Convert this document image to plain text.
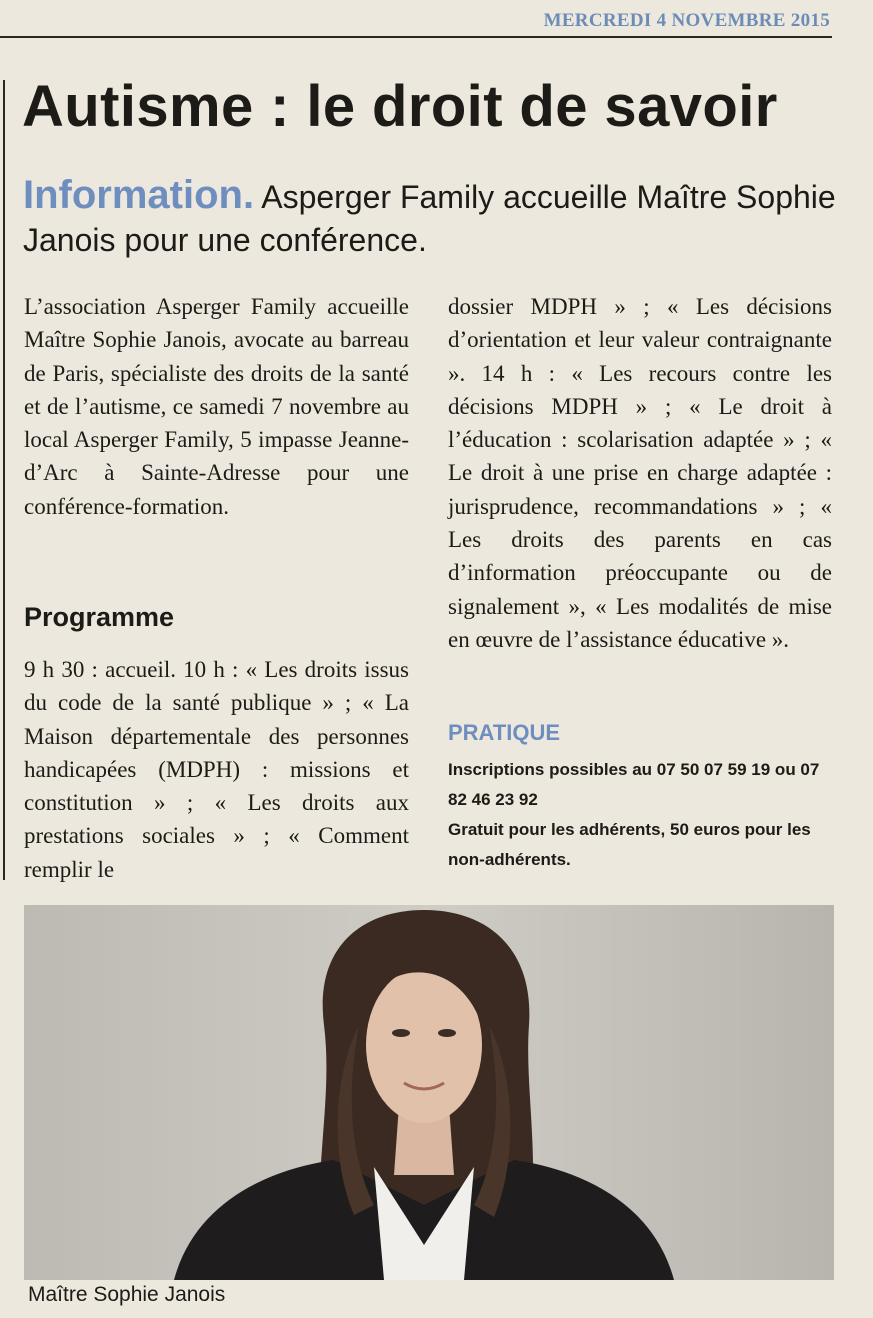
MERCREDI 4 NOVEMBRE 2015
Autisme : le droit de savoir

Information. Asperger Family accueille Maître Sophie Janois pour une conférence.

L’association Asperger Family accueille Maître Sophie Janois, avocate au barreau de Paris, spécialiste des droits de la santé et de l’autisme, ce samedi 7 novembre au local Asperger Family, 5 impasse Jeanne-d’Arc à Sainte-Adresse pour une conférence-formation.

Programme

9 h 30 : accueil. 10 h : « Les droits issus du code de la santé publique » ; « La Maison départementale des personnes handicapées (MDPH) : missions et constitution » ; « Les droits aux prestations sociales » ; « Comment remplir le

dossier MDPH » ; « Les décisions d’orientation et leur valeur contraignante ». 14 h : « Les recours contre les décisions MDPH » ; « Le droit à l’éducation : scolarisation adaptée » ; « Le droit à une prise en charge adaptée : jurisprudence, recommandations » ; « Les droits des parents en cas d’information préoccupante ou de signalement », « Les modalités de mise en œuvre de l’assistance éducative ».

PRATIQUE

Inscriptions possibles au 07 50 07 59 19 ou 07 82 46 23 92

Gratuit pour les adhérents, 50 euros pour les non-adhérents.

Maître Sophie Janois
